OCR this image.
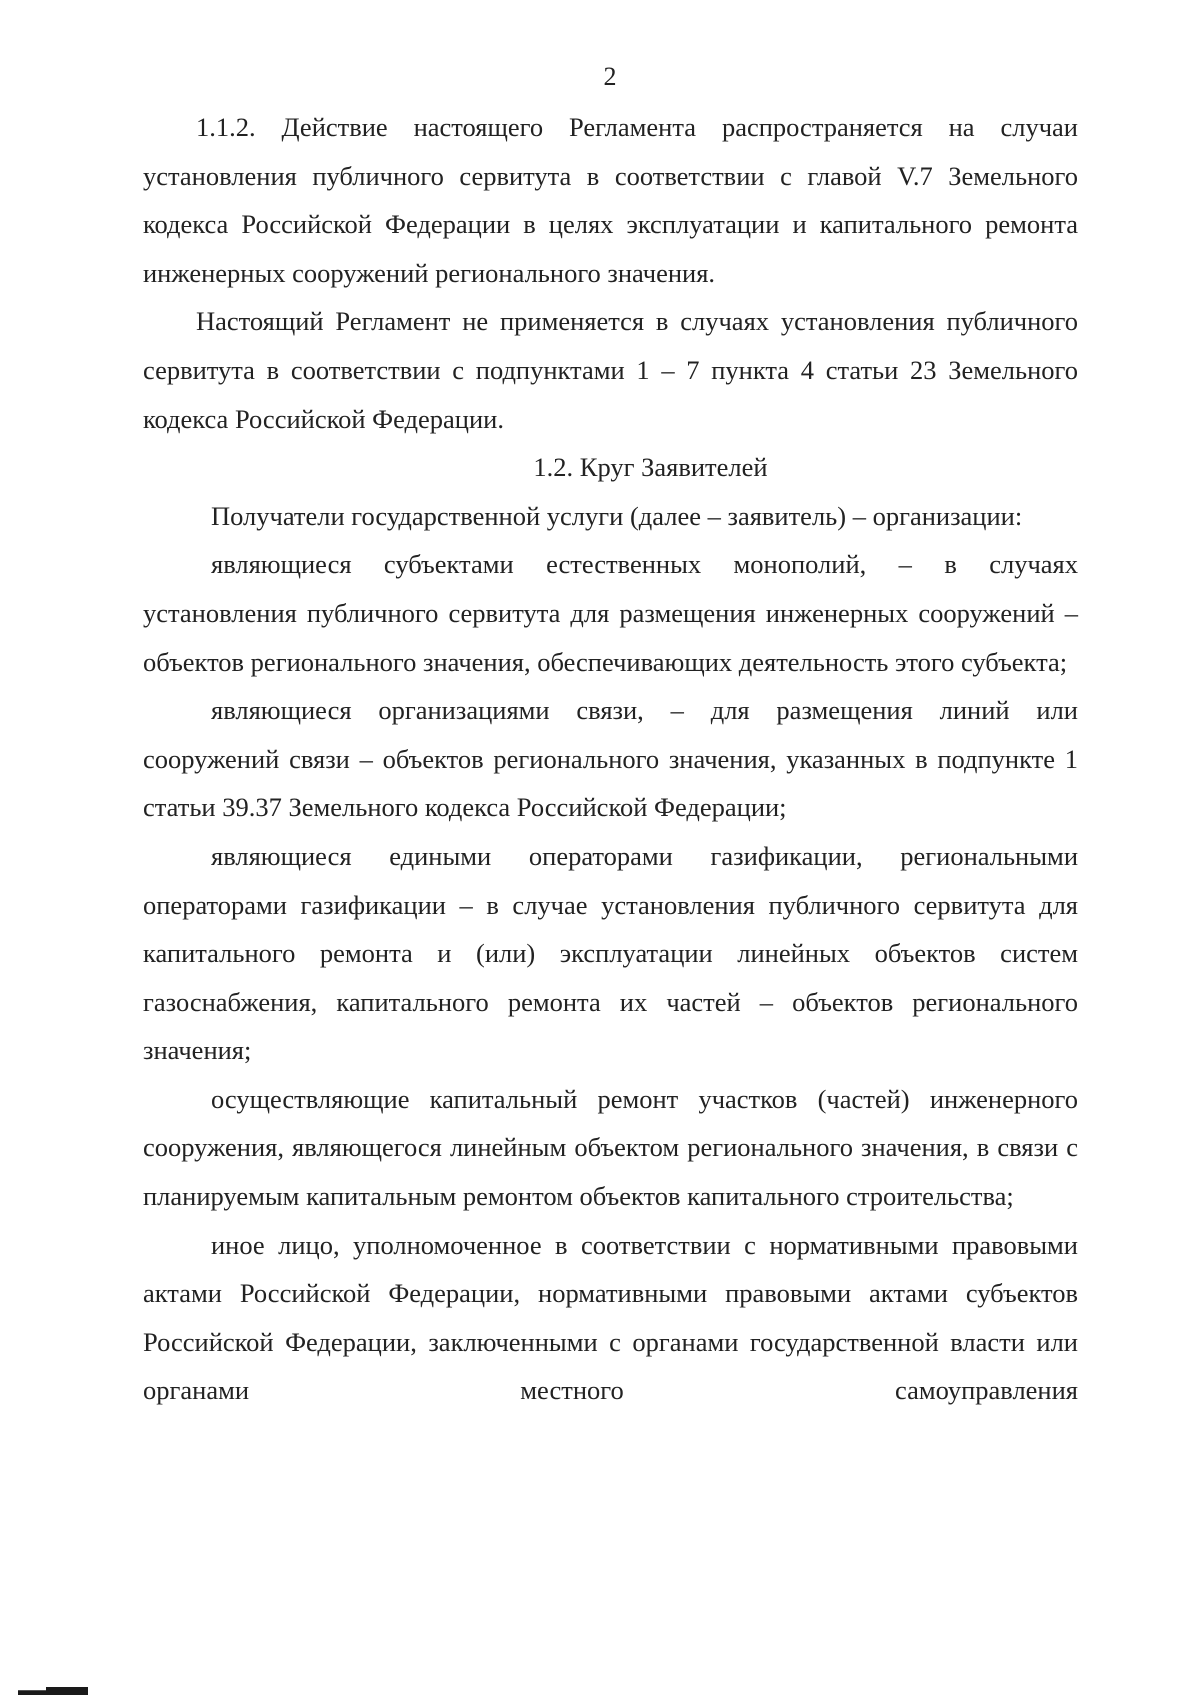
2

1.1.2. Действие настоящего Регламента распространяется на случаи установления публичного сервитута в соответствии с главой V.7 Земельного кодекса Российской Федерации в целях эксплуатации и капитального ремонта инженерных сооружений регионального значения.

Настоящий Регламент не применяется в случаях установления публичного сервитута в соответствии с подпунктами 1 – 7 пункта 4 статьи 23 Земельного кодекса Российской Федерации.

1.2. Круг Заявителей

Получатели государственной услуги (далее – заявитель) – организации:

являющиеся субъектами естественных монополий, – в случаях установления публичного сервитута для размещения инженерных сооружений – объектов регионального значения, обеспечивающих деятельность этого субъекта;

являющиеся организациями связи, – для размещения линий или сооружений связи – объектов регионального значения, указанных в подпункте 1 статьи 39.37 Земельного кодекса Российской Федерации;

являющиеся едиными операторами газификации, региональными операторами газификации – в случае установления публичного сервитута для капитального ремонта и (или) эксплуатации линейных объектов систем газоснабжения, капитального ремонта их частей – объектов регионального значения;

осуществляющие капитальный ремонт участков (частей) инженерного сооружения, являющегося линейным объектом регионального значения, в связи с планируемым капитальным ремонтом объектов капитального строительства;

иное лицо, уполномоченное в соответствии с нормативными правовыми актами Российской Федерации, нормативными правовыми актами субъектов Российской Федерации, заключенными с органами государственной власти или органами местного самоуправления
